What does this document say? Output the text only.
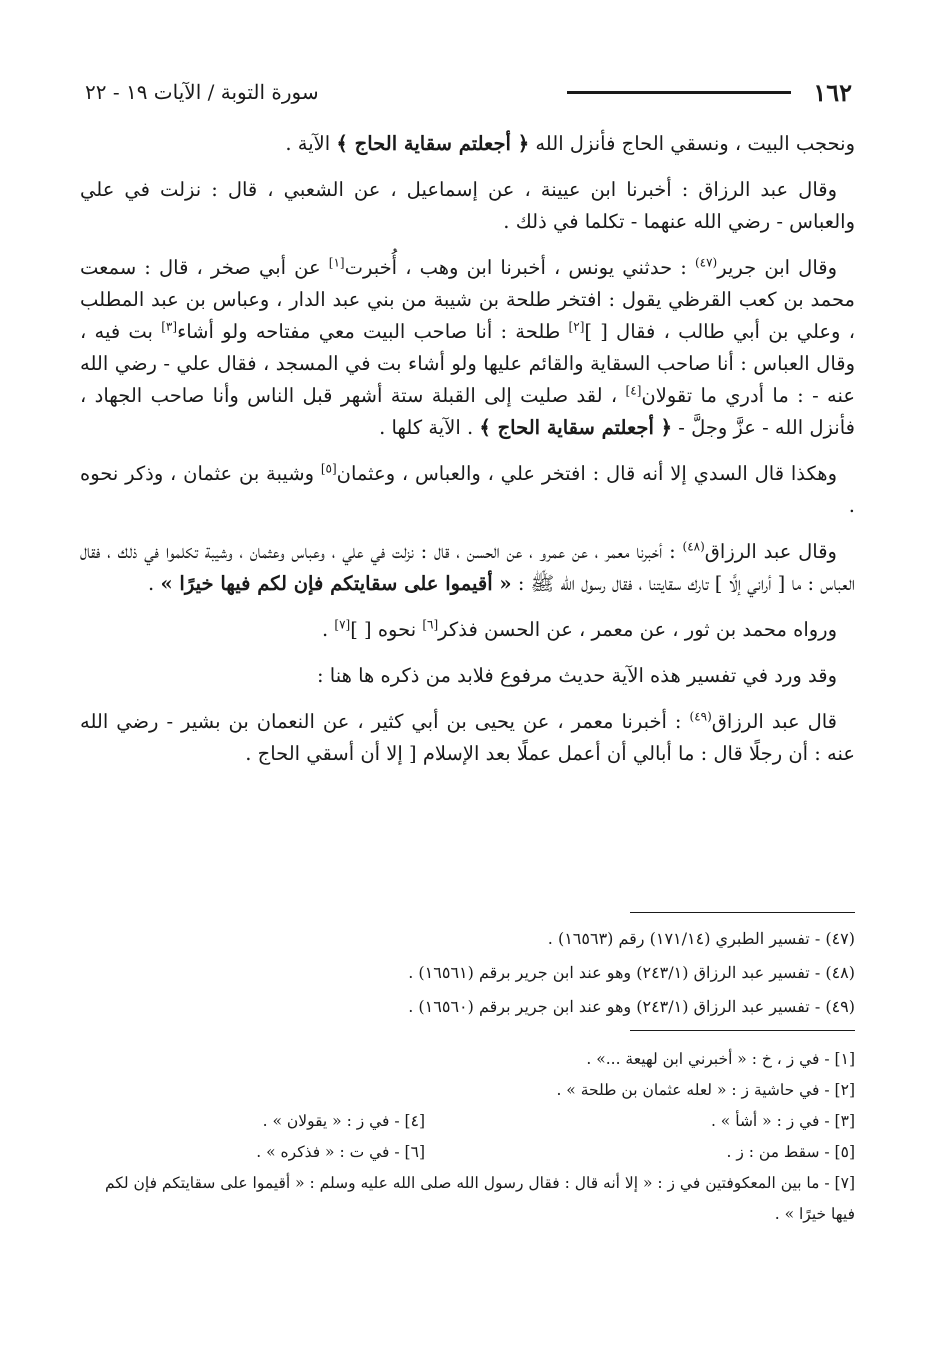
١٦٢
سورة التوبة / الآيات ١٩ - ٢٢

ونحجب البيت ، ونسقي الحاج فأنزل الله ﴿ أجعلتم سقاية الحاج ﴾ الآية .

وقال عبد الرزاق : أخبرنا ابن عيينة ، عن إسماعيل ، عن الشعبي ، قال : نزلت في علي والعباس - رضي الله عنهما - تكلما في ذلك .

وقال ابن جرير$^{(٤٧)}$ : حدثني يونس ، أخبرنا ابن وهب ، أُخبرت[١] عن أبي صخر ، قال : سمعت محمد بن كعب القرظي يقول : افتخر طلحة بن شيبة من بني عبد الدار ، وعباس بن عبد المطلب ، وعلي بن أبي طالب ، فقال [ ][٢] طلحة : أنا صاحب البيت معي مفتاحه ولو أشاء[٣] بت فيه ، وقال العباس : أنا صاحب السقاية والقائم عليها ولو أشاء بت في المسجد ، فقال علي - رضي الله عنه - : ما أدري ما تقولان[٤] ، لقد صليت إلى القبلة ستة أشهر قبل الناس وأنا صاحب الجهاد ، فأنزل الله - عزَّ وجلَّ - ﴿ أجعلتم سقاية الحاج ﴾ . الآية كلها .

وهكذا قال السدي إلا أنه قال : افتخر علي ، والعباس ، وعثمان[٥] وشيبة بن عثمان ، وذكر نحوه .

وقال عبد الرزاق$^{(٤٨)}$ : أخبرنا معمر ، عن عمرو ، عن الحسن ، قال : نزلت في علي ، وعباس وعثمان ، وشيبة تكلموا في ذلك ، فقال العباس : ما [ أراني إلَّا ] تارك سقايتنا ، فقال رسول الله ﷺ : « أقيموا على سقايتكم فإن لكم فيها خيرًا » .

ورواه محمد بن ثور ، عن معمر ، عن الحسن فذكر[٦] نحوه [ ][٧] .

وقد ورد في تفسير هذه الآية حديث مرفوع فلابد من ذكره ها هنا :

قال عبد الرزاق$^{(٤٩)}$ : أخبرنا معمر ، عن يحيى بن أبي كثير ، عن النعمان بن بشير - رضي الله عنه : أن رجلًا قال : ما أبالي أن أعمل عملًا بعد الإسلام [ إلا أن أسقي الحاج .

(٤٧) - تفسير الطبري (١٧١/١٤) رقم (١٦٥٦٣) .
(٤٨) - تفسير عبد الرزاق (٢٤٣/١) وهو عند ابن جرير برقم (١٦٥٦١) .
(٤٩) - تفسير عبد الرزاق (٢٤٣/١) وهو عند ابن جرير برقم (١٦٥٦٠) .
[١] - في ز ، خ : « أخبرني ابن لهيعة ...» .
[٢] - في حاشية ز : « لعله عثمان بن طلحة » .
[٣] - في ز : « أشأ » .
[٤] - في ز : « يقولان » .
[٥] - سقط من : ز .
[٦] - في ت : « فذكره » .
[٧] - ما بين المعكوفتين في ز : « إلا أنه قال : فقال رسول الله صلى الله عليه وسلم : « أقيموا على سقايتكم فإن لكم فيها خيرًا » .
